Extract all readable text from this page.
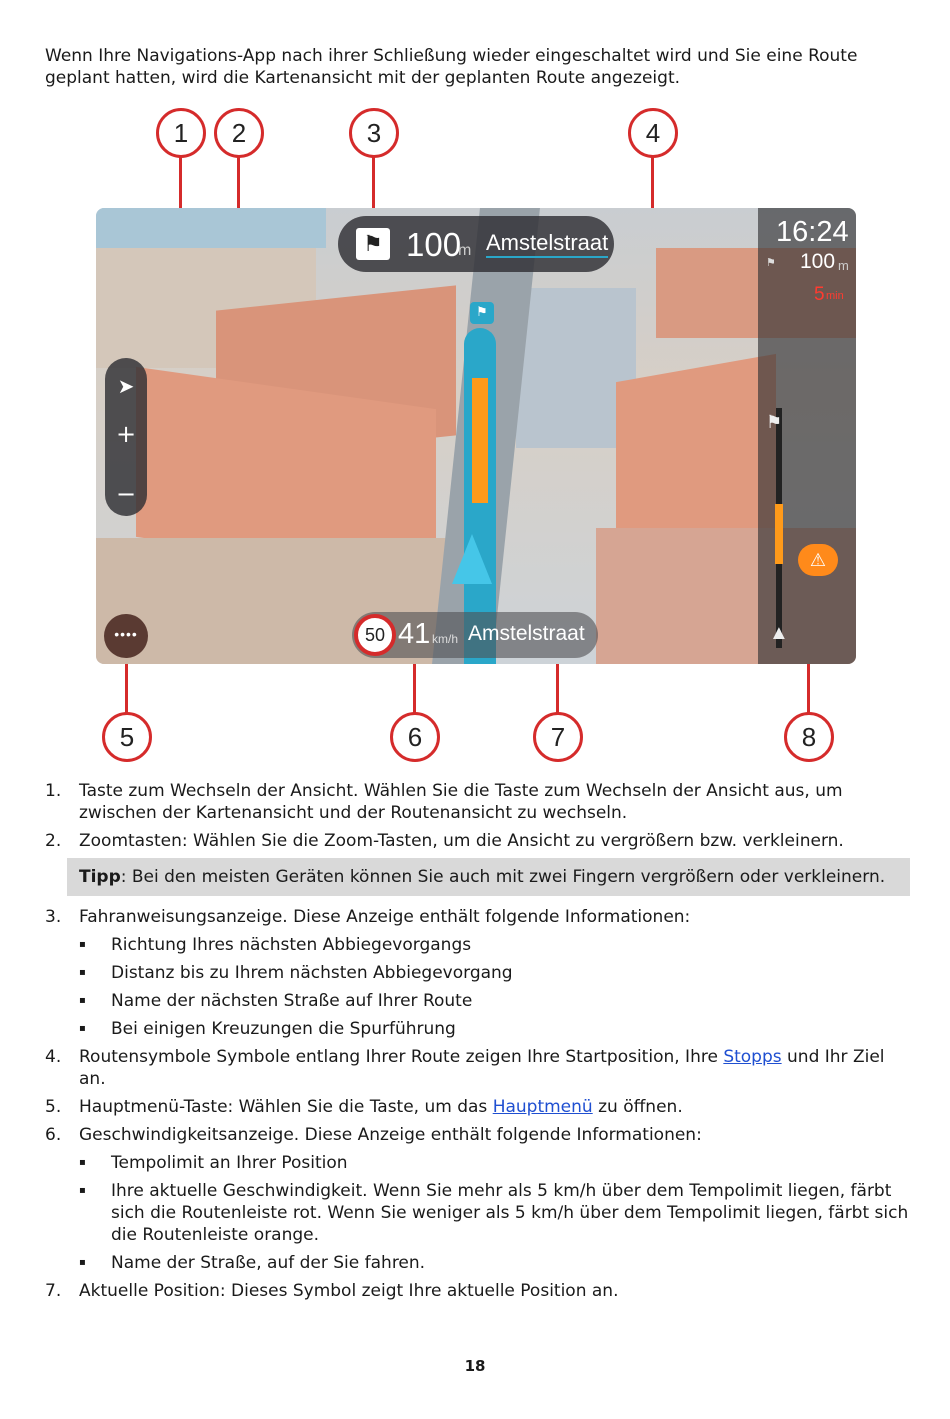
Wenn Ihre Navigations-App nach ihrer Schließung wieder eingeschaltet wird und Sie eine Route geplant hatten, wird die Kartenansicht mit der geplanten Route angezeigt.
⚑
⚑ 100
m Amstelstraat	16:24
⚑ 100 m
5 min
⚑
⚠
▲
➤
+
−
••••	50 41 km/h Amstelstraat
1	2	3	4
5	6	7	8
1. Taste zum Wechseln der Ansicht. Wählen Sie die Taste zum Wechseln der Ansicht aus, um zwischen der Kartenansicht und der Routenansicht zu wechseln.
2. Zoomtasten: Wählen Sie die Zoom-Tasten, um die Ansicht zu vergrößern bzw. verkleinern.
Tipp: Bei den meisten Geräten können Sie auch mit zwei Fingern vergrößern oder verkleinern.
3. Fahranweisungsanzeige. Diese Anzeige enthält folgende Informationen:
▪ Richtung Ihres nächsten Abbiegevorgangs
▪ Distanz bis zu Ihrem nächsten Abbiegevorgang
▪ Name der nächsten Straße auf Ihrer Route
▪ Bei einigen Kreuzungen die Spurführung
4. Routensymbole Symbole entlang Ihrer Route zeigen Ihre Startposition, Ihre Stopps und Ihr Ziel an.
5. Hauptmenü-Taste: Wählen Sie die Taste, um das Hauptmenü zu öffnen.
6. Geschwindigkeitsanzeige. Diese Anzeige enthält folgende Informationen:
▪ Tempolimit an Ihrer Position
▪ Ihre aktuelle Geschwindigkeit. Wenn Sie mehr als 5 km/h über dem Tempolimit liegen, färbt sich die Routenleiste rot. Wenn Sie weniger als 5 km/h über dem Tempolimit liegen, färbt sich die Routenleiste orange.
▪ Name der Straße, auf der Sie fahren.
7. Aktuelle Position: Dieses Symbol zeigt Ihre aktuelle Position an.
18
